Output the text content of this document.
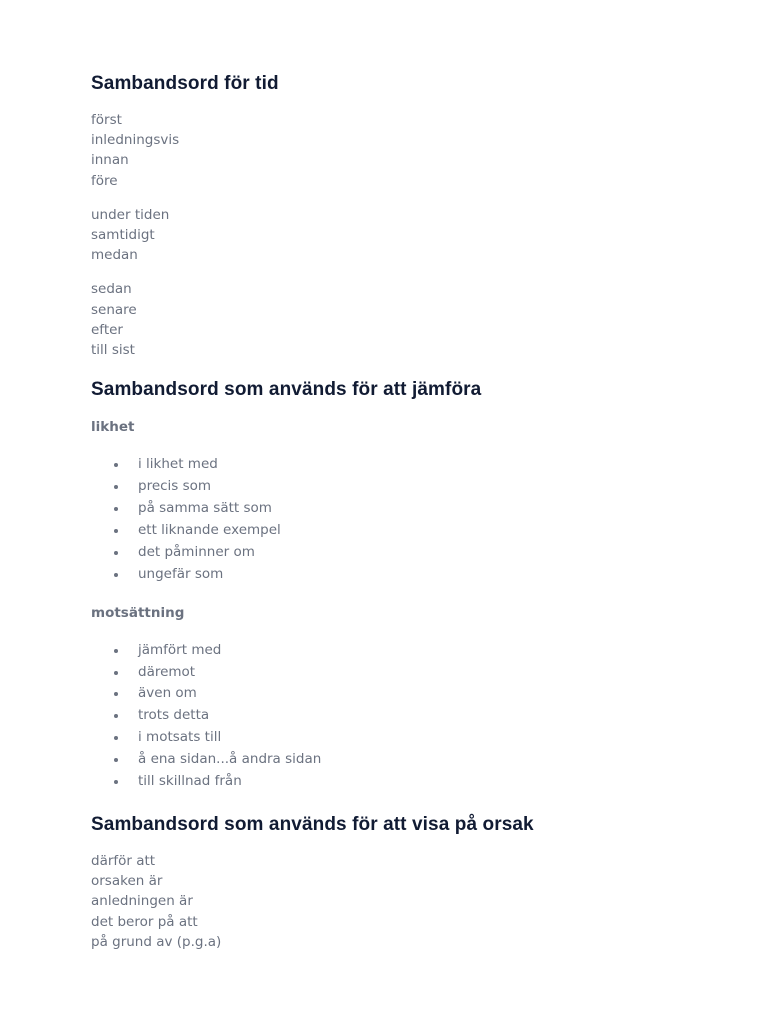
Sambandsord för tid
först
inledningsvis
innan
före
under tiden
samtidigt
medan
sedan
senare
efter
till sist
Sambandsord som används för att jämföra

likhet

i likhet med
precis som
på samma sätt som
ett liknande exempel
det påminner om
ungefär som

motsättning

jämfört med
däremot
även om
trots detta
i motsats till
å ena sidan...å andra sidan
till skillnad från
Sambandsord som används för att visa på orsak
därför att
orsaken är
anledningen är
det beror på att
på grund av (p.g.a)
